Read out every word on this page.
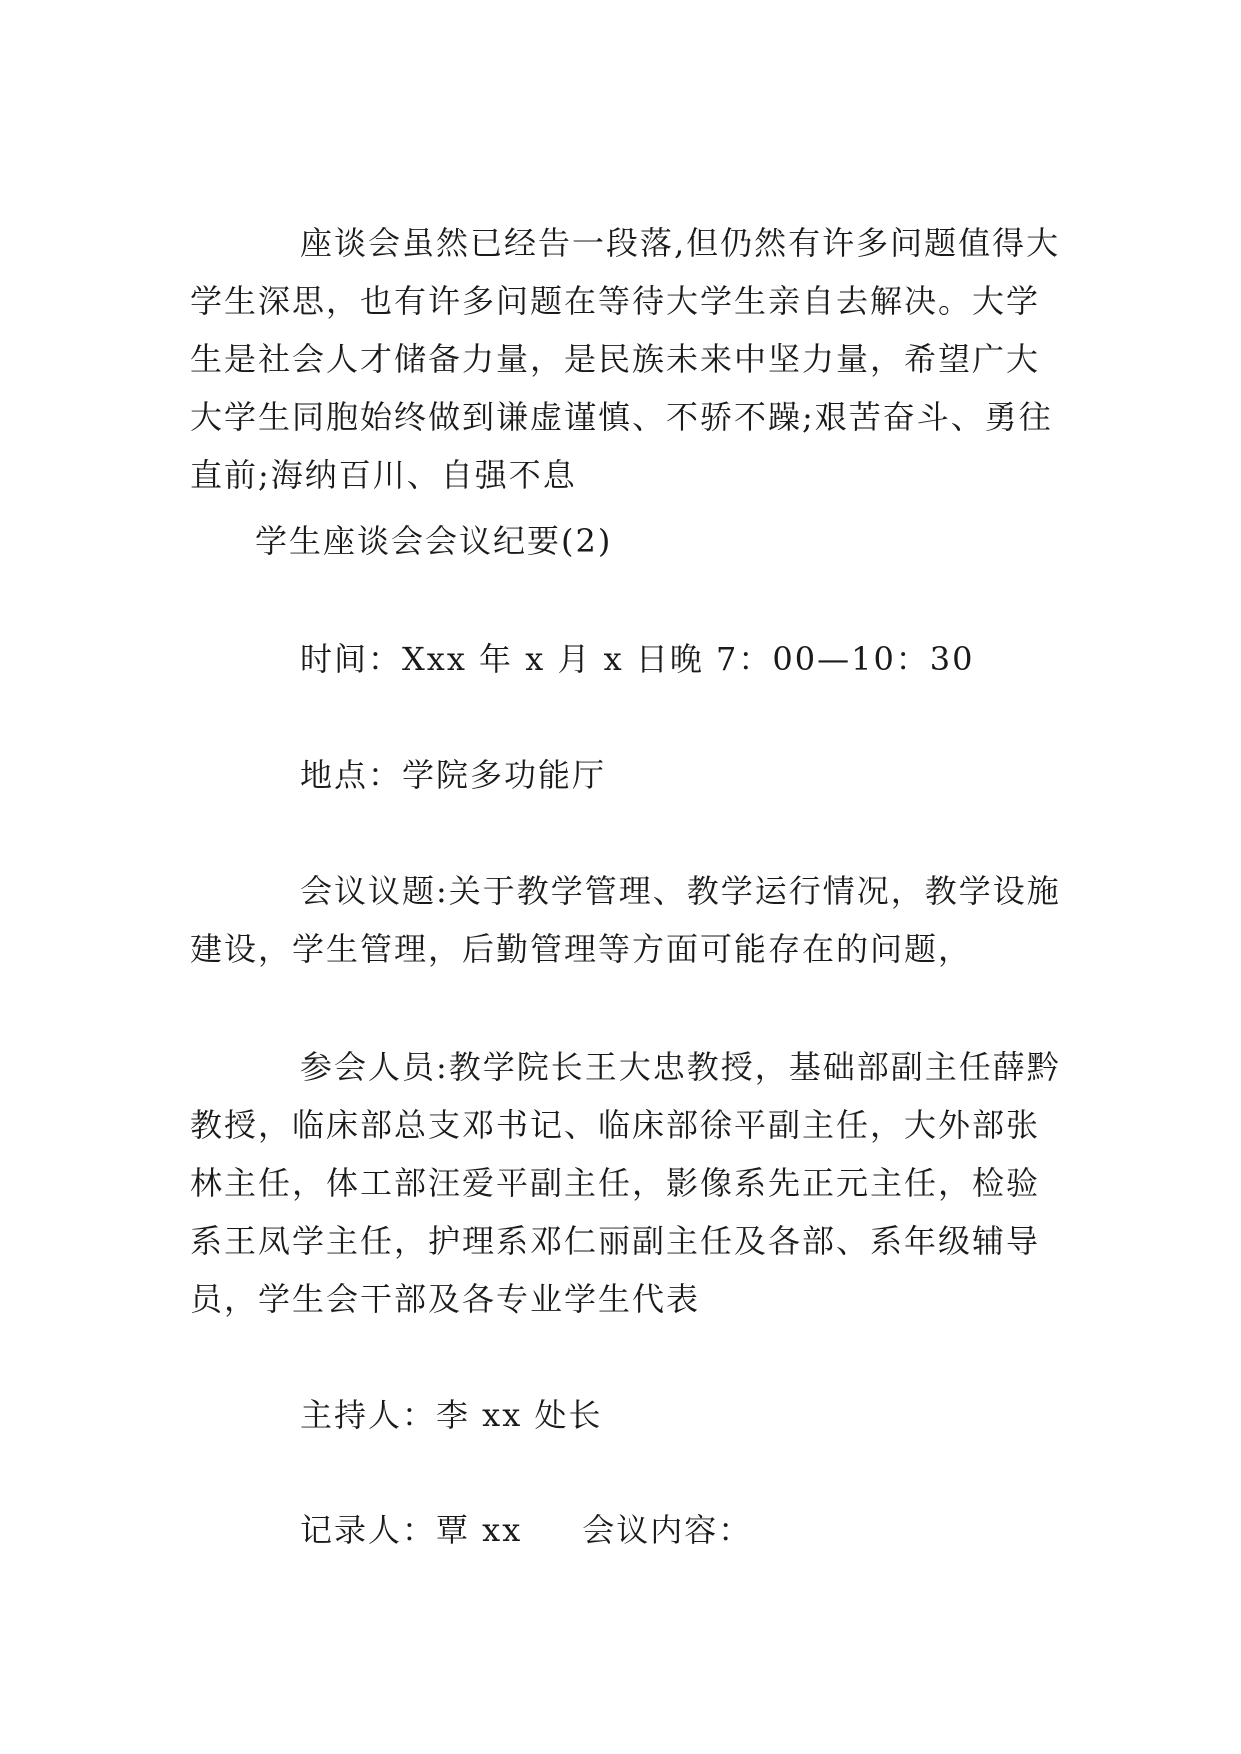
座谈会虽然已经告一段落,但仍然有许多问题值得大学生深思，也有许多问题在等待大学生亲自去解决。大学生是社会人才储备力量，是民族未来中坚力量，希望广大大学生同胞始终做到谦虚谨慎、不骄不躁;艰苦奋斗、勇往直前;海纳百川、自强不息

学生座谈会会议纪要(2)

时间：Xxx 年 x 月 x 日晚 7：00—10：30

地点：学院多功能厅

会议议题:关于教学管理、教学运行情况，教学设施建设，学生管理，后勤管理等方面可能存在的问题，

参会人员:教学院长王大忠教授，基础部副主任薛黔教授，临床部总支邓书记、临床部徐平副主任，大外部张林主任，体工部汪爱平副主任，影像系先正元主任，检验系王凤学主任，护理系邓仁丽副主任及各部、系年级辅导员，学生会干部及各专业学生代表

主持人：李 xx 处长

记录人：覃 xx 会议内容：
